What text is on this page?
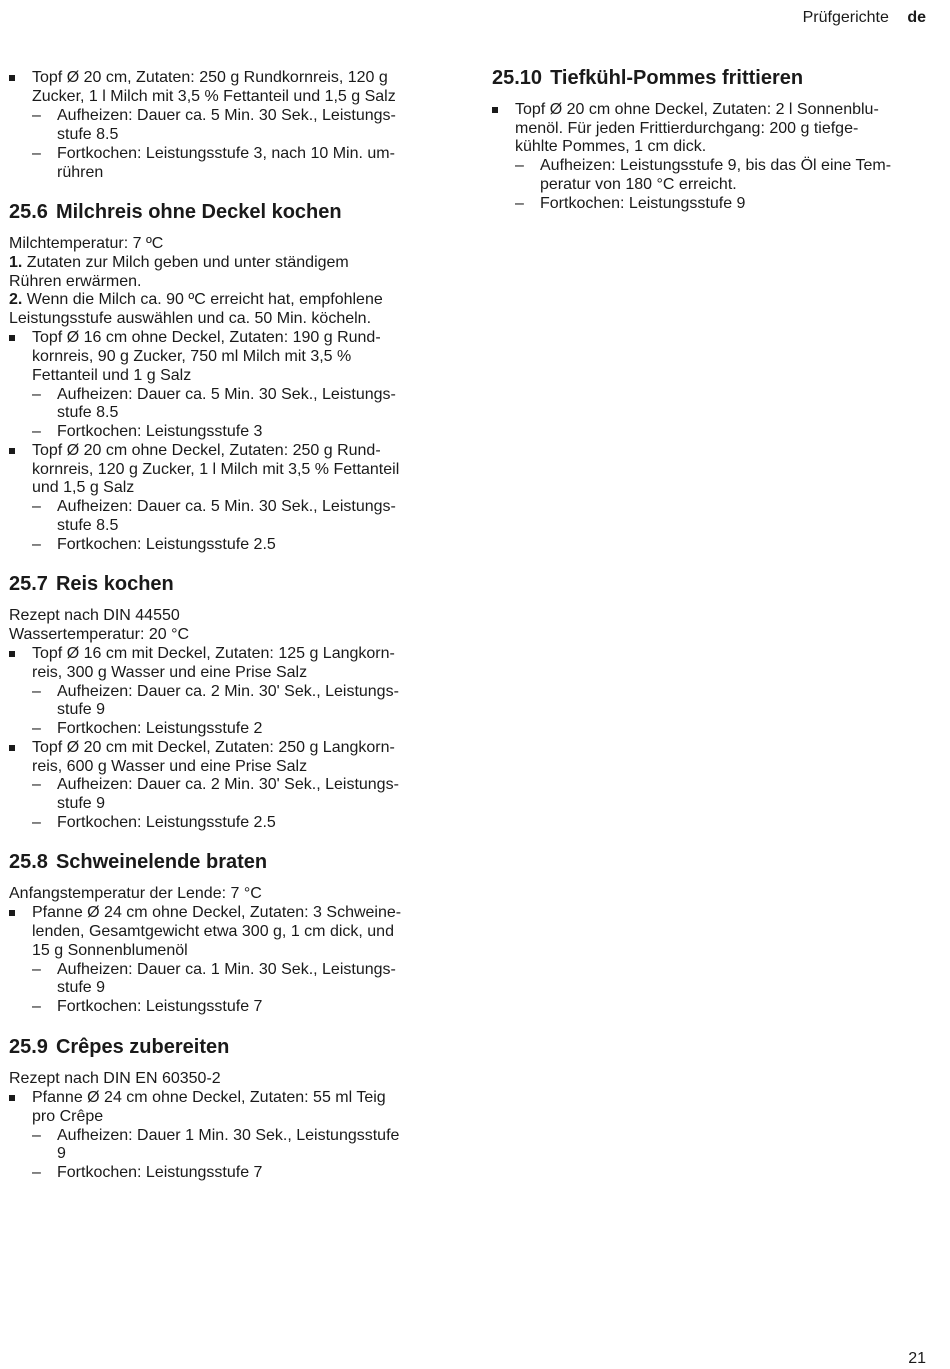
Prüfgerichte de
Topf Ø 20 cm, Zutaten: 250 g Rundkornreis, 120 g
Zucker, 1 l Milch mit 3,5 % Fettanteil und 1,5 g Salz
– Aufheizen: Dauer ca. 5 Min. 30 Sek., Leistungs-
stufe 8.5
– Fortkochen: Leistungsstufe 3, nach 10 Min. um-
rühren
25.6 Milchreis ohne Deckel kochen
Milchtemperatur: 7 ºC
1. Zutaten zur Milch geben und unter ständigem
Rühren erwärmen.
2. Wenn die Milch ca. 90 ºC erreicht hat, empfohlene
Leistungsstufe auswählen und ca. 50 Min. köcheln.
Topf Ø 16 cm ohne Deckel, Zutaten: 190 g Rund-
kornreis, 90 g Zucker, 750 ml Milch mit 3,5 %
Fettanteil und 1 g Salz
– Aufheizen: Dauer ca. 5 Min. 30 Sek., Leistungs-
stufe 8.5
– Fortkochen: Leistungsstufe 3
Topf Ø 20 cm ohne Deckel, Zutaten: 250 g Rund-
kornreis, 120 g Zucker, 1 l Milch mit 3,5 % Fettanteil
und 1,5 g Salz
– Aufheizen: Dauer ca. 5 Min. 30 Sek., Leistungs-
stufe 8.5
– Fortkochen: Leistungsstufe 2.5
25.7 Reis kochen
Rezept nach DIN 44550
Wassertemperatur: 20 °C
Topf Ø 16 cm mit Deckel, Zutaten: 125 g Langkorn-
reis, 300 g Wasser und eine Prise Salz
– Aufheizen: Dauer ca. 2 Min. 30' Sek., Leistungs-
stufe 9
– Fortkochen: Leistungsstufe 2
Topf Ø 20 cm mit Deckel, Zutaten: 250 g Langkorn-
reis, 600 g Wasser und eine Prise Salz
– Aufheizen: Dauer ca. 2 Min. 30' Sek., Leistungs-
stufe 9
– Fortkochen: Leistungsstufe 2.5
25.8 Schweinelende braten
Anfangstemperatur der Lende: 7 °C
Pfanne Ø 24 cm ohne Deckel, Zutaten: 3 Schweine-
lenden, Gesamtgewicht etwa 300 g, 1 cm dick, und
15 g Sonnenblumenöl
– Aufheizen: Dauer ca. 1 Min. 30 Sek., Leistungs-
stufe 9
– Fortkochen: Leistungsstufe 7
25.9 Crêpes zubereiten
Rezept nach DIN EN 60350-2
Pfanne Ø 24 cm ohne Deckel, Zutaten: 55 ml Teig
pro Crêpe
– Aufheizen: Dauer 1 Min. 30 Sek., Leistungsstufe
9
– Fortkochen: Leistungsstufe 7
25.10 Tiefkühl-Pommes frittieren
Topf Ø 20 cm ohne Deckel, Zutaten: 2 l Sonnenblu-
menöl. Für jeden Frittierdurchgang: 200 g tiefge-
kühlte Pommes, 1 cm dick.
– Aufheizen: Leistungsstufe 9, bis das Öl eine Tem-
peratur von 180 °C erreicht.
– Fortkochen: Leistungsstufe 9
21
